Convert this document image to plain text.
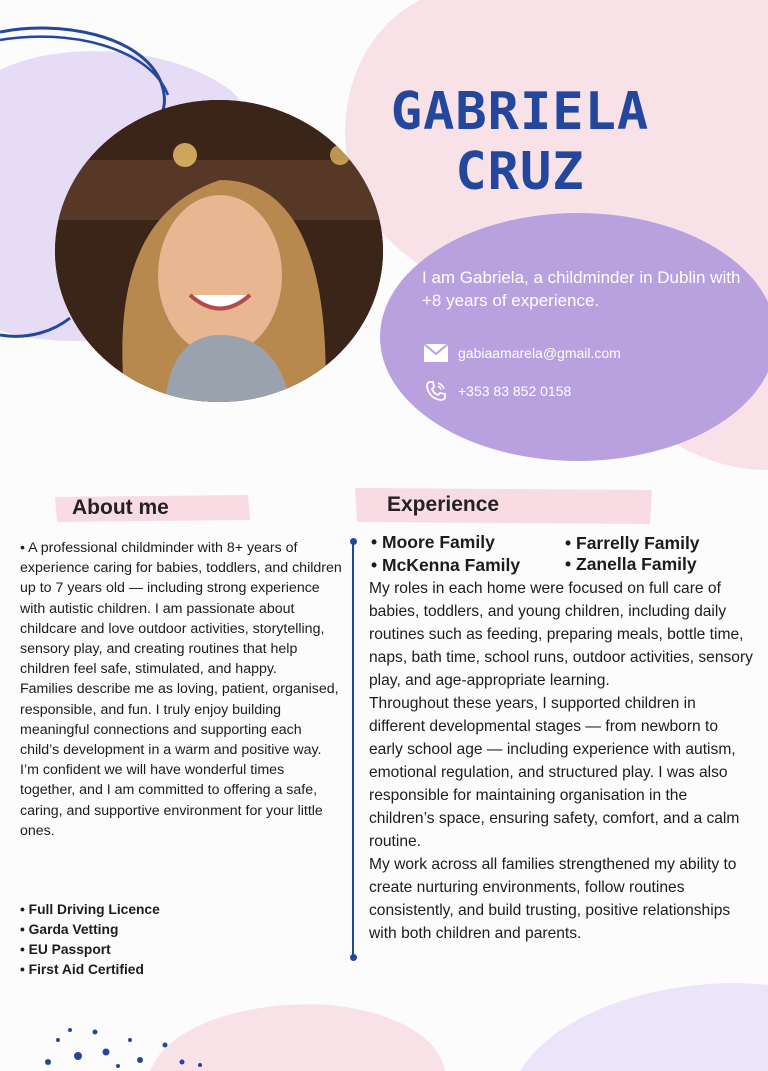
GABRIELA
CRUZ
I am Gabriela, a childminder in Dublin with +8 years of experience.
gabiaamarela@gmail.com
+353 83 852 0158
About me

• A professional childminder with 8+ years of experience caring for babies, toddlers, and children up to 7 years old — including strong experience with autistic children. I am passionate about childcare and love outdoor activities, storytelling, sensory play, and creating routines that help children feel safe, stimulated, and happy.

Families describe me as loving, patient, organised, responsible, and fun. I truly enjoy building meaningful connections and supporting each child’s development in a warm and positive way.

I’m confident we will have wonderful times together, and I am committed to offering a safe, caring, and supportive environment for your little ones.

• Full Driving Licence
• Garda Vetting
• EU Passport
• First Aid Certified
Experience
• Moore Family	• Farrelly Family
• McKenna Family	• Zanella Family

My roles in each home were focused on full care of babies, toddlers, and young children, including daily routines such as feeding, preparing meals, bottle time, naps, bath time, school runs, outdoor activities, sensory play, and age-appropriate learning.

Throughout these years, I supported children in different developmental stages — from newborn to early school age — including experience with autism, emotional regulation, and structured play. I was also responsible for maintaining organisation in the children’s space, ensuring safety, comfort, and a calm routine.

My work across all families strengthened my ability to create nurturing environments, follow routines consistently, and build trusting, positive relationships with both children and parents.
